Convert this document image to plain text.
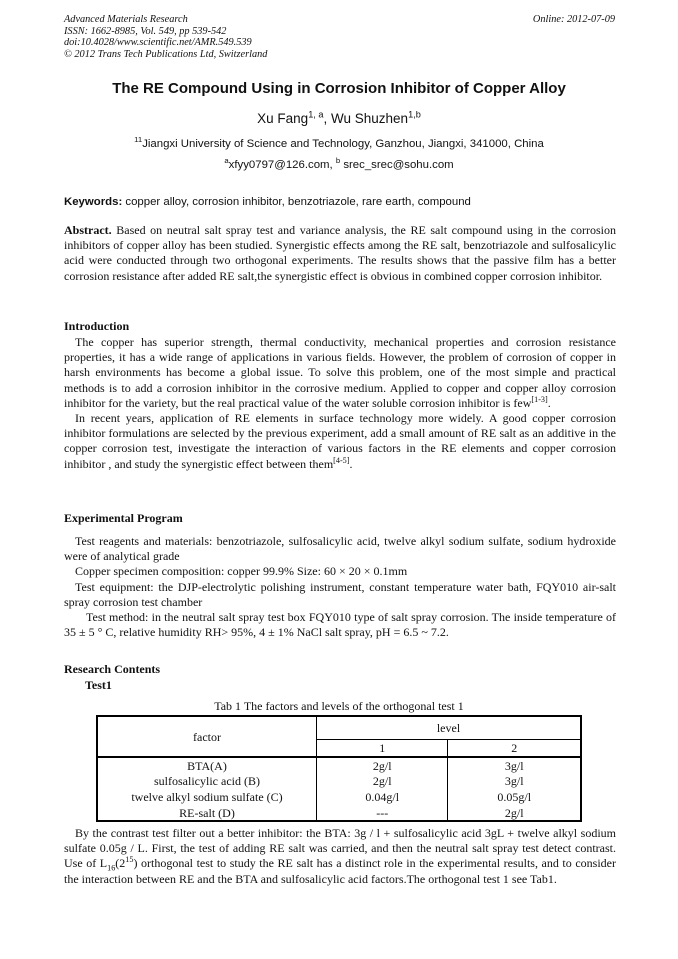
Advanced Materials Research
ISSN: 1662-8985, Vol. 549, pp 539-542
doi:10.4028/www.scientific.net/AMR.549.539
© 2012 Trans Tech Publications Ltd, Switzerland
Online: 2012-07-09
The RE Compound Using in Corrosion Inhibitor of Copper Alloy
Xu Fang$^{1, a}$, Wu Shuzhen$^{1,b}$
$^{11}$Jiangxi University of Science and Technology, Ganzhou, Jiangxi, 341000, China
$^a$xfyy0797@126.com, $^b$ srec_srec@sohu.com
Keywords: copper alloy, corrosion inhibitor, benzotriazole, rare earth, compound

Abstract. Based on neutral salt spray test and variance analysis, the RE salt compound using in the corrosion inhibitors of copper alloy has been studied. Synergistic effects among the RE salt, benzotriazole and sulfosalicylic acid were conducted through two orthogonal experiments. The results shows that the passive film has a better corrosion resistance after added RE salt,the synergistic effect is obvious in combined copper corrosion inhibitor.

Introduction

The copper has superior strength, thermal conductivity, mechanical properties and corrosion resistance properties, it has a wide range of applications in various fields. However, the problem of corrosion of copper in harsh environments has become a global issue. To solve this problem, one of the most simple and practical methods is to add a corrosion inhibitor in the corrosive medium. Applied to copper and copper alloy corrosion inhibitor for the variety, but the real practical value of the water soluble corrosion inhibitor is few[1-3].

In recent years, application of RE elements in surface technology more widely. A good copper corrosion inhibitor formulations are selected by the previous experiment, add a small amount of RE salt as an additive in the copper corrosion test, investigate the interaction of various factors in the RE elements and copper corrosion inhibitor , and study the synergistic effect between them[4-5].

Experimental Program

Test reagents and materials: benzotriazole, sulfosalicylic acid, twelve alkyl sodium sulfate, sodium hydroxide were of analytical grade

Copper specimen composition: copper 99.9% Size: 60 × 20 × 0.1mm

Test equipment: the DJP-electrolytic polishing instrument, constant temperature water bath, FQY010 air-salt spray corrosion test chamber

Test method: in the neutral salt spray test box FQY010 type of salt spray corrosion. The inside temperature of 35 ± 5 ° C, relative humidity RH> 95%, 4 ± 1% NaCl salt spray, pH = 6.5 ~ 7.2.

Research Contents
Test1
Tab 1 The factors and levels of the orthogonal test 1
factor	level	
	1	2
BTA(A)	2g/l	3g/l
sulfosalicylic acid (B)	2g/l	3g/l
twelve alkyl sodium sulfate (C)	0.04g/l	0.05g/l
RE-salt (D)	---	2g/l

By the contrast test filter out a better inhibitor: the BTA: 3g / l + sulfosalicylic acid 3gL + twelve alkyl sodium sulfate 0.05g / L. First, the test of adding RE salt was carried, and then the neutral salt spray test detect contrast. Use of $L_{16}(2^{15})$ orthogonal test to study the RE salt has a distinct role in the experimental results, and to consider the interaction between RE and the BTA and sulfosalicylic acid factors.The orthogonal test 1 see Tab1.
